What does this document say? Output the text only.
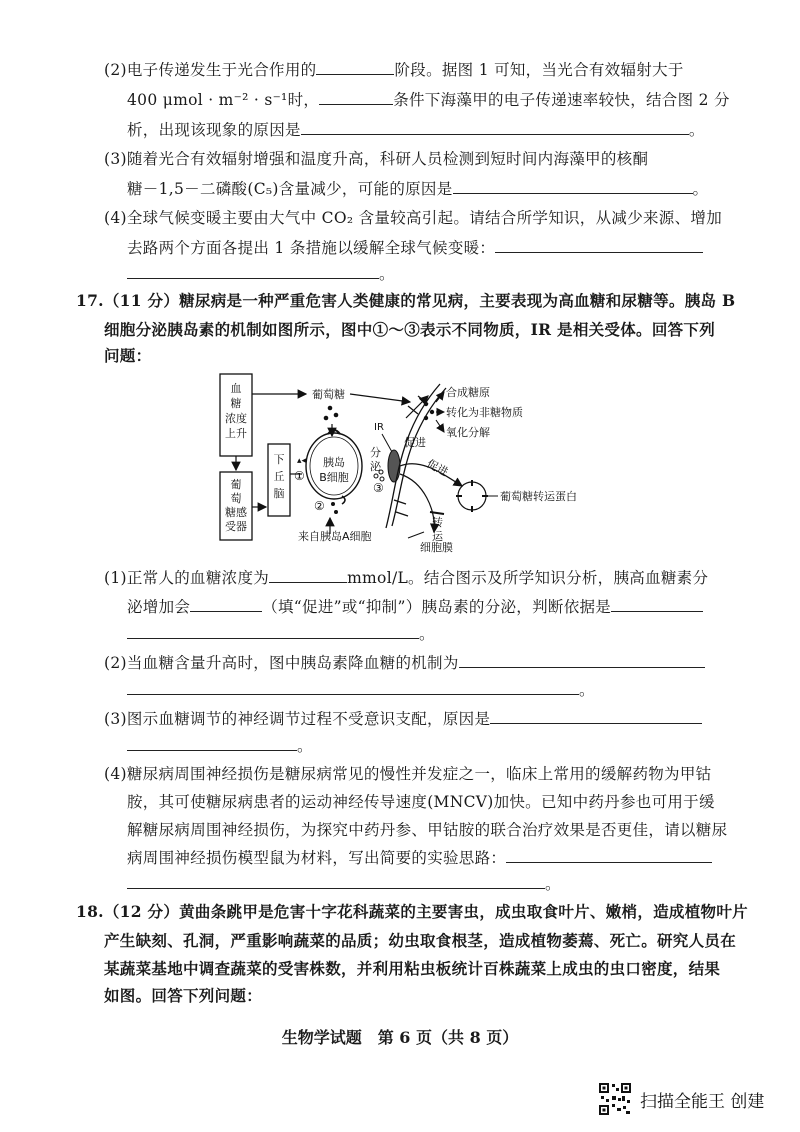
(2)电子传递发生于光合作用的	阶段。据图 1 可知，当光合有效辐射大于
400 μmol · m⁻² · s⁻¹时，	条件下海藻甲的电子传递速率较快，结合图 2 分
析，出现该现象的原因是	。
(3)随着光合有效辐射增强和温度升高，科研人员检测到短时间内海藻甲的核酮
糖－1,5－二磷酸(C₅)含量减少，可能的原因是	。
(4)全球气候变暖主要由大气中 CO₂ 含量较高引起。请结合所学知识，从减少来源、增加
去路两个方面各提出 1 条措施以缓解全球气候变暖：
。
17.（11 分）糖尿病是一种严重危害人类健康的常见病，主要表现为高血糖和尿糖等。胰岛 B
细胞分泌胰岛素的机制如图所示，图中①～③表示不同物质，IR 是相关受体。回答下列
问题：
血
糖
浓度
上升
葡
萄
糖感
受器
下
丘
脑
葡萄糖
胰岛
B细胞
▴◂
①
②
来自胰岛A细胞
分
泌
③
IR
促进
合成糖原
转化为非糖物质
氧化分解
促进
葡萄糖转运蛋白
转
运
细胞膜
(1)正常人的血糖浓度为	mmol/L。结合图示及所学知识分析，胰高血糖素分
泌增加会	（填“促进”或“抑制”）胰岛素的分泌，判断依据是
。
(2)当血糖含量升高时，图中胰岛素降血糖的机制为
。
(3)图示血糖调节的神经调节过程不受意识支配，原因是
。
(4)糖尿病周围神经损伤是糖尿病常见的慢性并发症之一，临床上常用的缓解药物为甲钴
胺，其可使糖尿病患者的运动神经传导速度(MNCV)加快。已知中药丹参也可用于缓
解糖尿病周围神经损伤，为探究中药丹参、甲钴胺的联合治疗效果是否更佳，请以糖尿
病周围神经损伤模型鼠为材料，写出简要的实验思路：
。
18.（12 分）黄曲条跳甲是危害十字花科蔬菜的主要害虫，成虫取食叶片、嫩梢，造成植物叶片
产生缺刻、孔洞，严重影响蔬菜的品质；幼虫取食根茎，造成植物萎蔫、死亡。研究人员在
某蔬菜基地中调查蔬菜的受害株数，并利用粘虫板统计百株蔬菜上成虫的虫口密度，结果
如图。回答下列问题：
生物学试题　第 6 页（共 8 页）
扫描全能王 创建
